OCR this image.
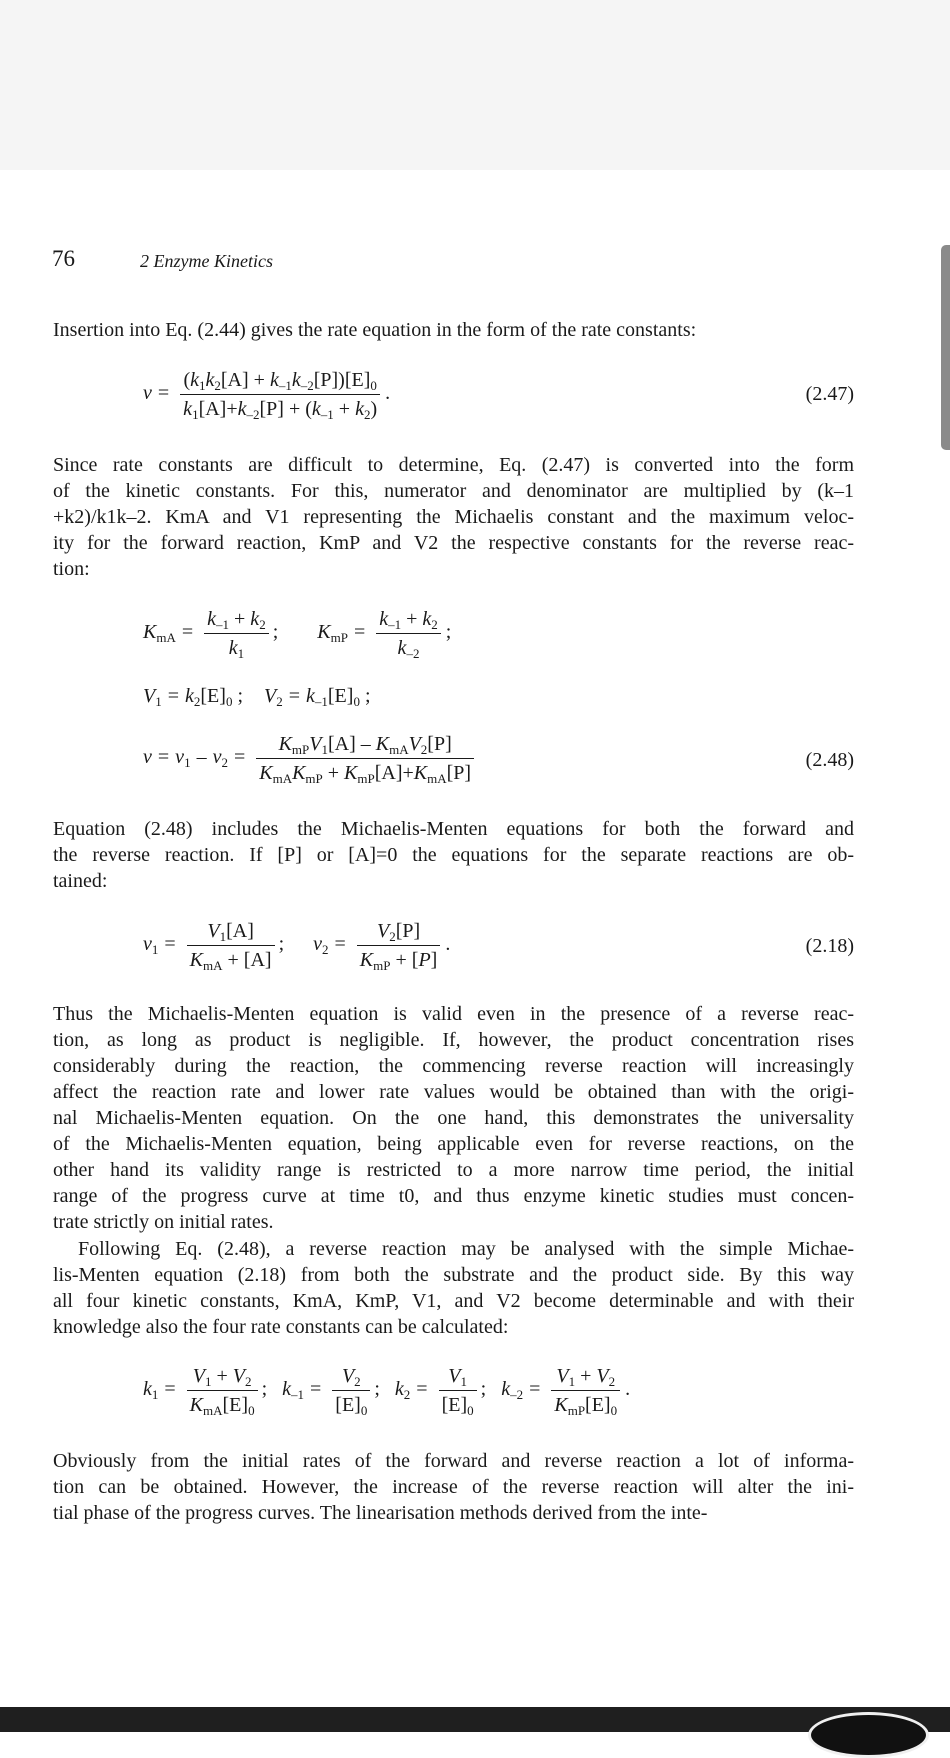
76	2 Enzyme Kinetics

Insertion into Eq. (2.44) gives the rate equation in the form of the rate constants:

$v = \frac{(k_1k_2[A] + k_{-1}k_{-2}[P])[E]_0}{k_1[A]+k_{-2}[P] + (k_{-1} + k_2)}$ .	(2.47)

Since rate constants are difficult to determine, Eq. (2.47) is converted into the form
of the kinetic constants. For this, numerator and denominator are multiplied by (k–1
+k2)/k1k–2. KmA and V1 representing the Michaelis constant and the maximum veloc-
ity for the forward reaction, KmP and V2 the respective constants for the reverse reac-
tion:

$K_{mA} = \frac{k_{-1} + k_2}{k_1}$ ; $K_{mP} = \frac{k_{-1} + k_2}{k_{-2}}$ ;
$V_1 = k_2[E]_0$ ; $V_2 = k_{-1}[E]_0$ ;
$v = v_1 - v_2 = \frac{K_{mP}V_1[A] - K_{mA}V_2[P]}{K_{mA}K_{mP} + K_{mP}[A]+K_{mA}[P]}$	(2.48)

Equation (2.48) includes the Michaelis-Menten equations for both the forward and
the reverse reaction. If [P] or [A]=0 the equations for the separate reactions are ob-
tained:

$v_1 = \frac{V_1[A]}{K_{mA} + [A]}$ ; $v_2 = \frac{V_2[P]}{K_{mP} + [P]}$ .	(2.18)

Thus the Michaelis-Menten equation is valid even in the presence of a reverse reac-
tion, as long as product is negligible. If, however, the product concentration rises
considerably during the reaction, the commencing reverse reaction will increasingly
affect the reaction rate and lower rate values would be obtained than with the origi-
nal Michaelis-Menten equation. On the one hand, this demonstrates the universality
of the Michaelis-Menten equation, being applicable even for reverse reactions, on the
other hand its validity range is restricted to a more narrow time period, the initial
range of the progress curve at time t0, and thus enzyme kinetic studies must concen-
trate strictly on initial rates.

Following Eq. (2.48), a reverse reaction may be analysed with the simple Michae-
lis-Menten equation (2.18) from both the substrate and the product side. By this way
all four kinetic constants, KmA, KmP, V1, and V2 become determinable and with their
knowledge also the four rate constants can be calculated:

$k_1 = \frac{V_1 + V_2}{K_{mA}[E]_0}$ ; $k_{-1} = \frac{V_2}{[E]_0}$ ; $k_2 = \frac{V_1}{[E]_0}$ ; $k_{-2} = \frac{V_1 + V_2}{K_{mP}[E]_0}$ .

Obviously from the initial rates of the forward and reverse reaction a lot of informa-
tion can be obtained. However, the increase of the reverse reaction will alter the ini-
tial phase of the progress curves. The linearisation methods derived from the inte-
